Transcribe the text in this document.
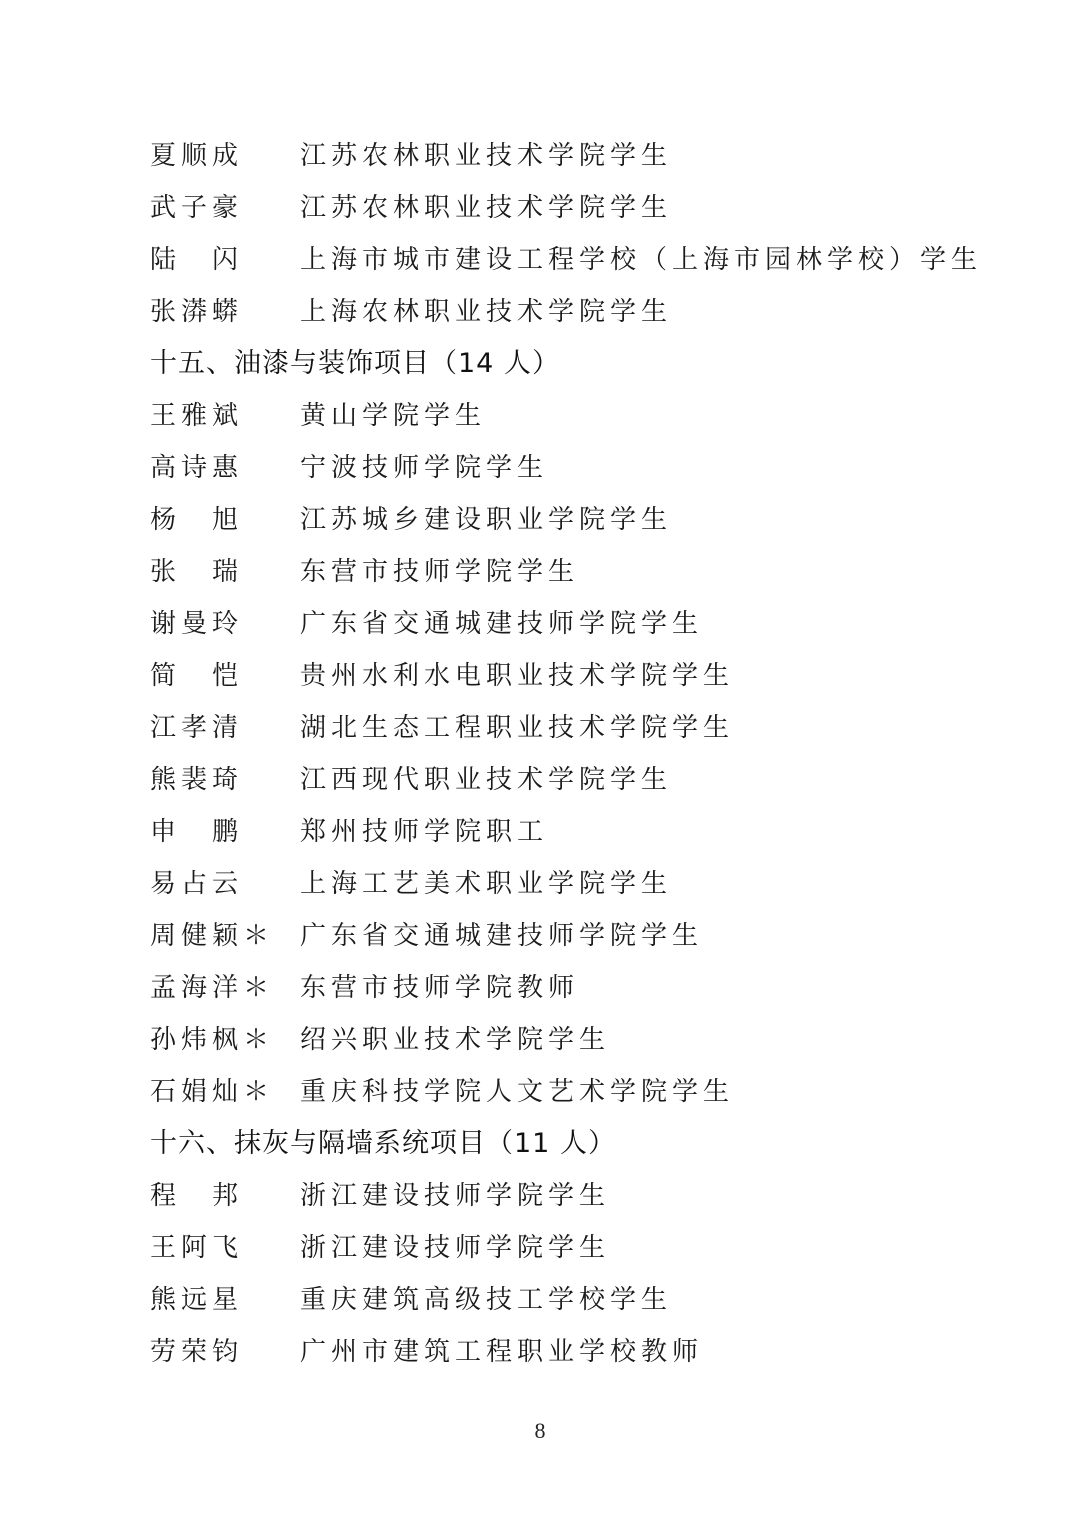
夏顺成 江苏农林职业技术学院学生
武子豪 江苏农林职业技术学院学生
陆　闪 上海市城市建设工程学校（上海市园林学校）学生
张漭蟒 上海农林职业技术学院学生
十五、油漆与装饰项目（14 人）
王雅斌 黄山学院学生
高诗惠 宁波技师学院学生
杨　旭 江苏城乡建设职业学院学生
张　瑞 东营市技师学院学生
谢曼玲 广东省交通城建技师学院学生
简　恺 贵州水利水电职业技术学院学生
江孝清 湖北生态工程职业技术学院学生
熊裴琦 江西现代职业技术学院学生
申　鹏 郑州技师学院职工
易占云 上海工艺美术职业学院学生
周健颖＊ 广东省交通城建技师学院学生
孟海洋＊ 东营市技师学院教师
孙炜枫＊ 绍兴职业技术学院学生
石娟灿＊ 重庆科技学院人文艺术学院学生
十六、抹灰与隔墙系统项目（11 人）
程　邦 浙江建设技师学院学生
王阿飞 浙江建设技师学院学生
熊远星 重庆建筑高级技工学校学生
劳荣钧 广州市建筑工程职业学校教师
8
